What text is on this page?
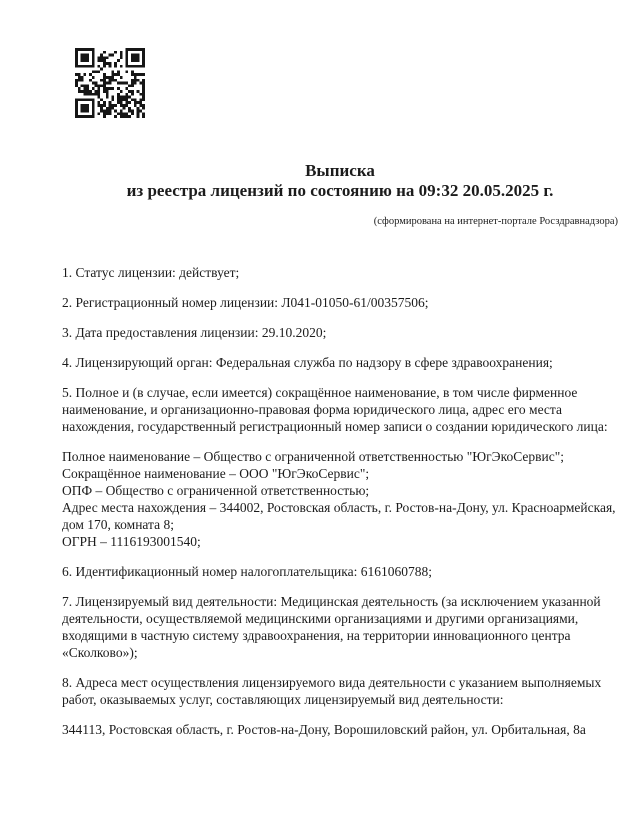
Выписка
из реестра лицензий по состоянию на 09:32 20.05.2025 г.
(сформирована на интернет-портале Росздравнадзора)

1. Статус лицензии: действует;

2. Регистрационный номер лицензии: Л041-01050-61/00357506;

3. Дата предоставления лицензии: 29.10.2020;

4. Лицензирующий орган: Федеральная служба по надзору в сфере здравоохранения;

5. Полное и (в случае, если имеется) сокращённое наименование, в том числе фирменное наименование, и организационно-правовая форма юридического лица, адрес его места нахождения, государственный регистрационный номер записи о создании юридического лица:

Полное наименование – Общество с ограниченной ответственностью "ЮгЭкоСервис";
Сокращённое наименование – ООО "ЮгЭкоСервис";
ОПФ – Общество с ограниченной ответственностью;
Адрес места нахождения – 344002, Ростовская область, г. Ростов-на-Дону, ул. Красноармейская, дом 170, комната 8;
ОГРН – 1116193001540;

6. Идентификационный номер налогоплательщика: 6161060788;

7. Лицензируемый вид деятельности: Медицинская деятельность (за исключением указанной деятельности, осуществляемой медицинскими организациями и другими организациями, входящими в частную систему здравоохранения, на территории инновационного центра «Сколково»);

8. Адреса мест осуществления лицензируемого вида деятельности с указанием выполняемых работ, оказываемых услуг, составляющих лицензируемый вид деятельности:

344113, Ростовская область, г. Ростов-на-Дону, Ворошиловский район, ул. Орбитальная, 8а
